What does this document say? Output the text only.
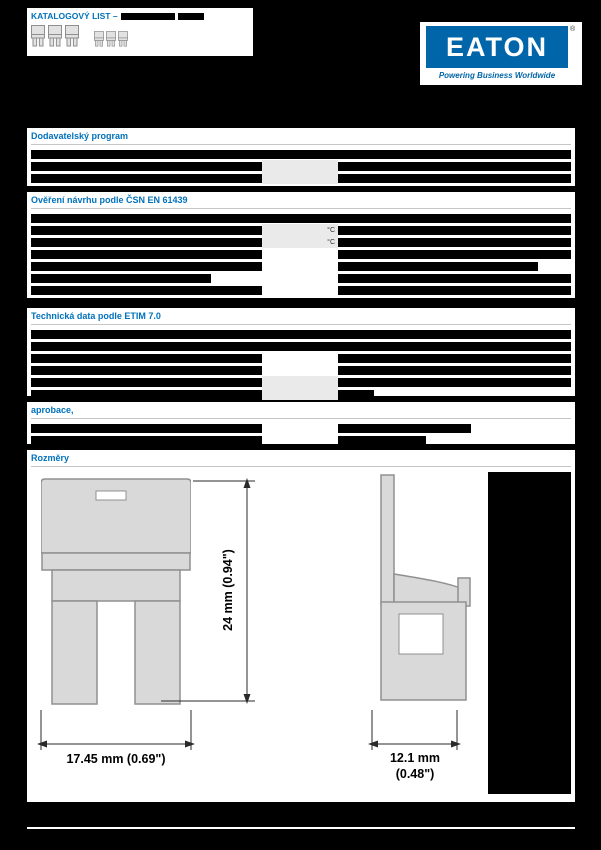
KATALOGOVÝ LIST –
EATON
®
Powering Business Worldwide
Dodavatelský program
Ověření návrhu podle ČSN EN 61439
°C
°C
Technická data podle ETIM 7.0
aprobace,
Rozměry
24 mm (0.94")
17.45 mm (0.69")	12.1 mm
(0.48")
